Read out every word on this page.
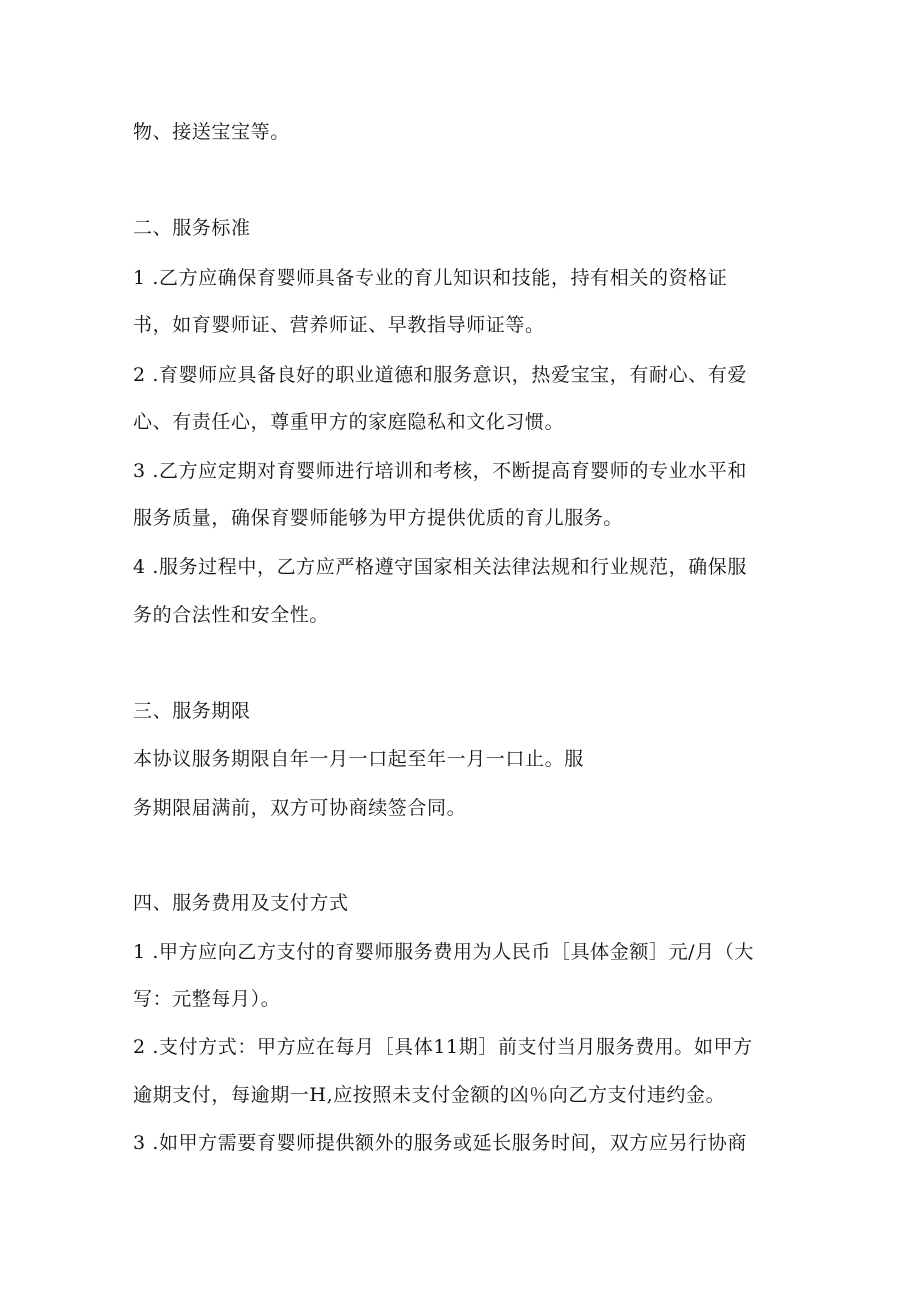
物、接送宝宝等。
二、服务标准
1 .乙方应确保育婴师具备专业的育儿知识和技能，持有相关的资格证
书，如育婴师证、营养师证、早教指导师证等。
2 .育婴师应具备良好的职业道德和服务意识，热爱宝宝，有耐心、有爱
心、有责任心，尊重甲方的家庭隐私和文化习惯。
3 .乙方应定期对育婴师进行培训和考核，不断提高育婴师的专业水平和
服务质量，确保育婴师能够为甲方提供优质的育儿服务。
4 .服务过程中，乙方应严格遵守国家相关法律法规和行业规范，确保服
务的合法性和安全性。
三、服务期限
本协议服务期限自年一月一口起至年一月一口止。服
务期限届满前，双方可协商续签合同。
四、服务费用及支付方式
1 .甲方应向乙方支付的育婴师服务费用为人民币［具体金额］元/月（大
写：元整每月）。
2 .支付方式：甲方应在每月［具体11期］前支付当月服务费用。如甲方
逾期支付，每逾期一H,应按照未支付金额的凶％向乙方支付违约金。
3 .如甲方需要育婴师提供额外的服务或延长服务时间，双方应另行协商
